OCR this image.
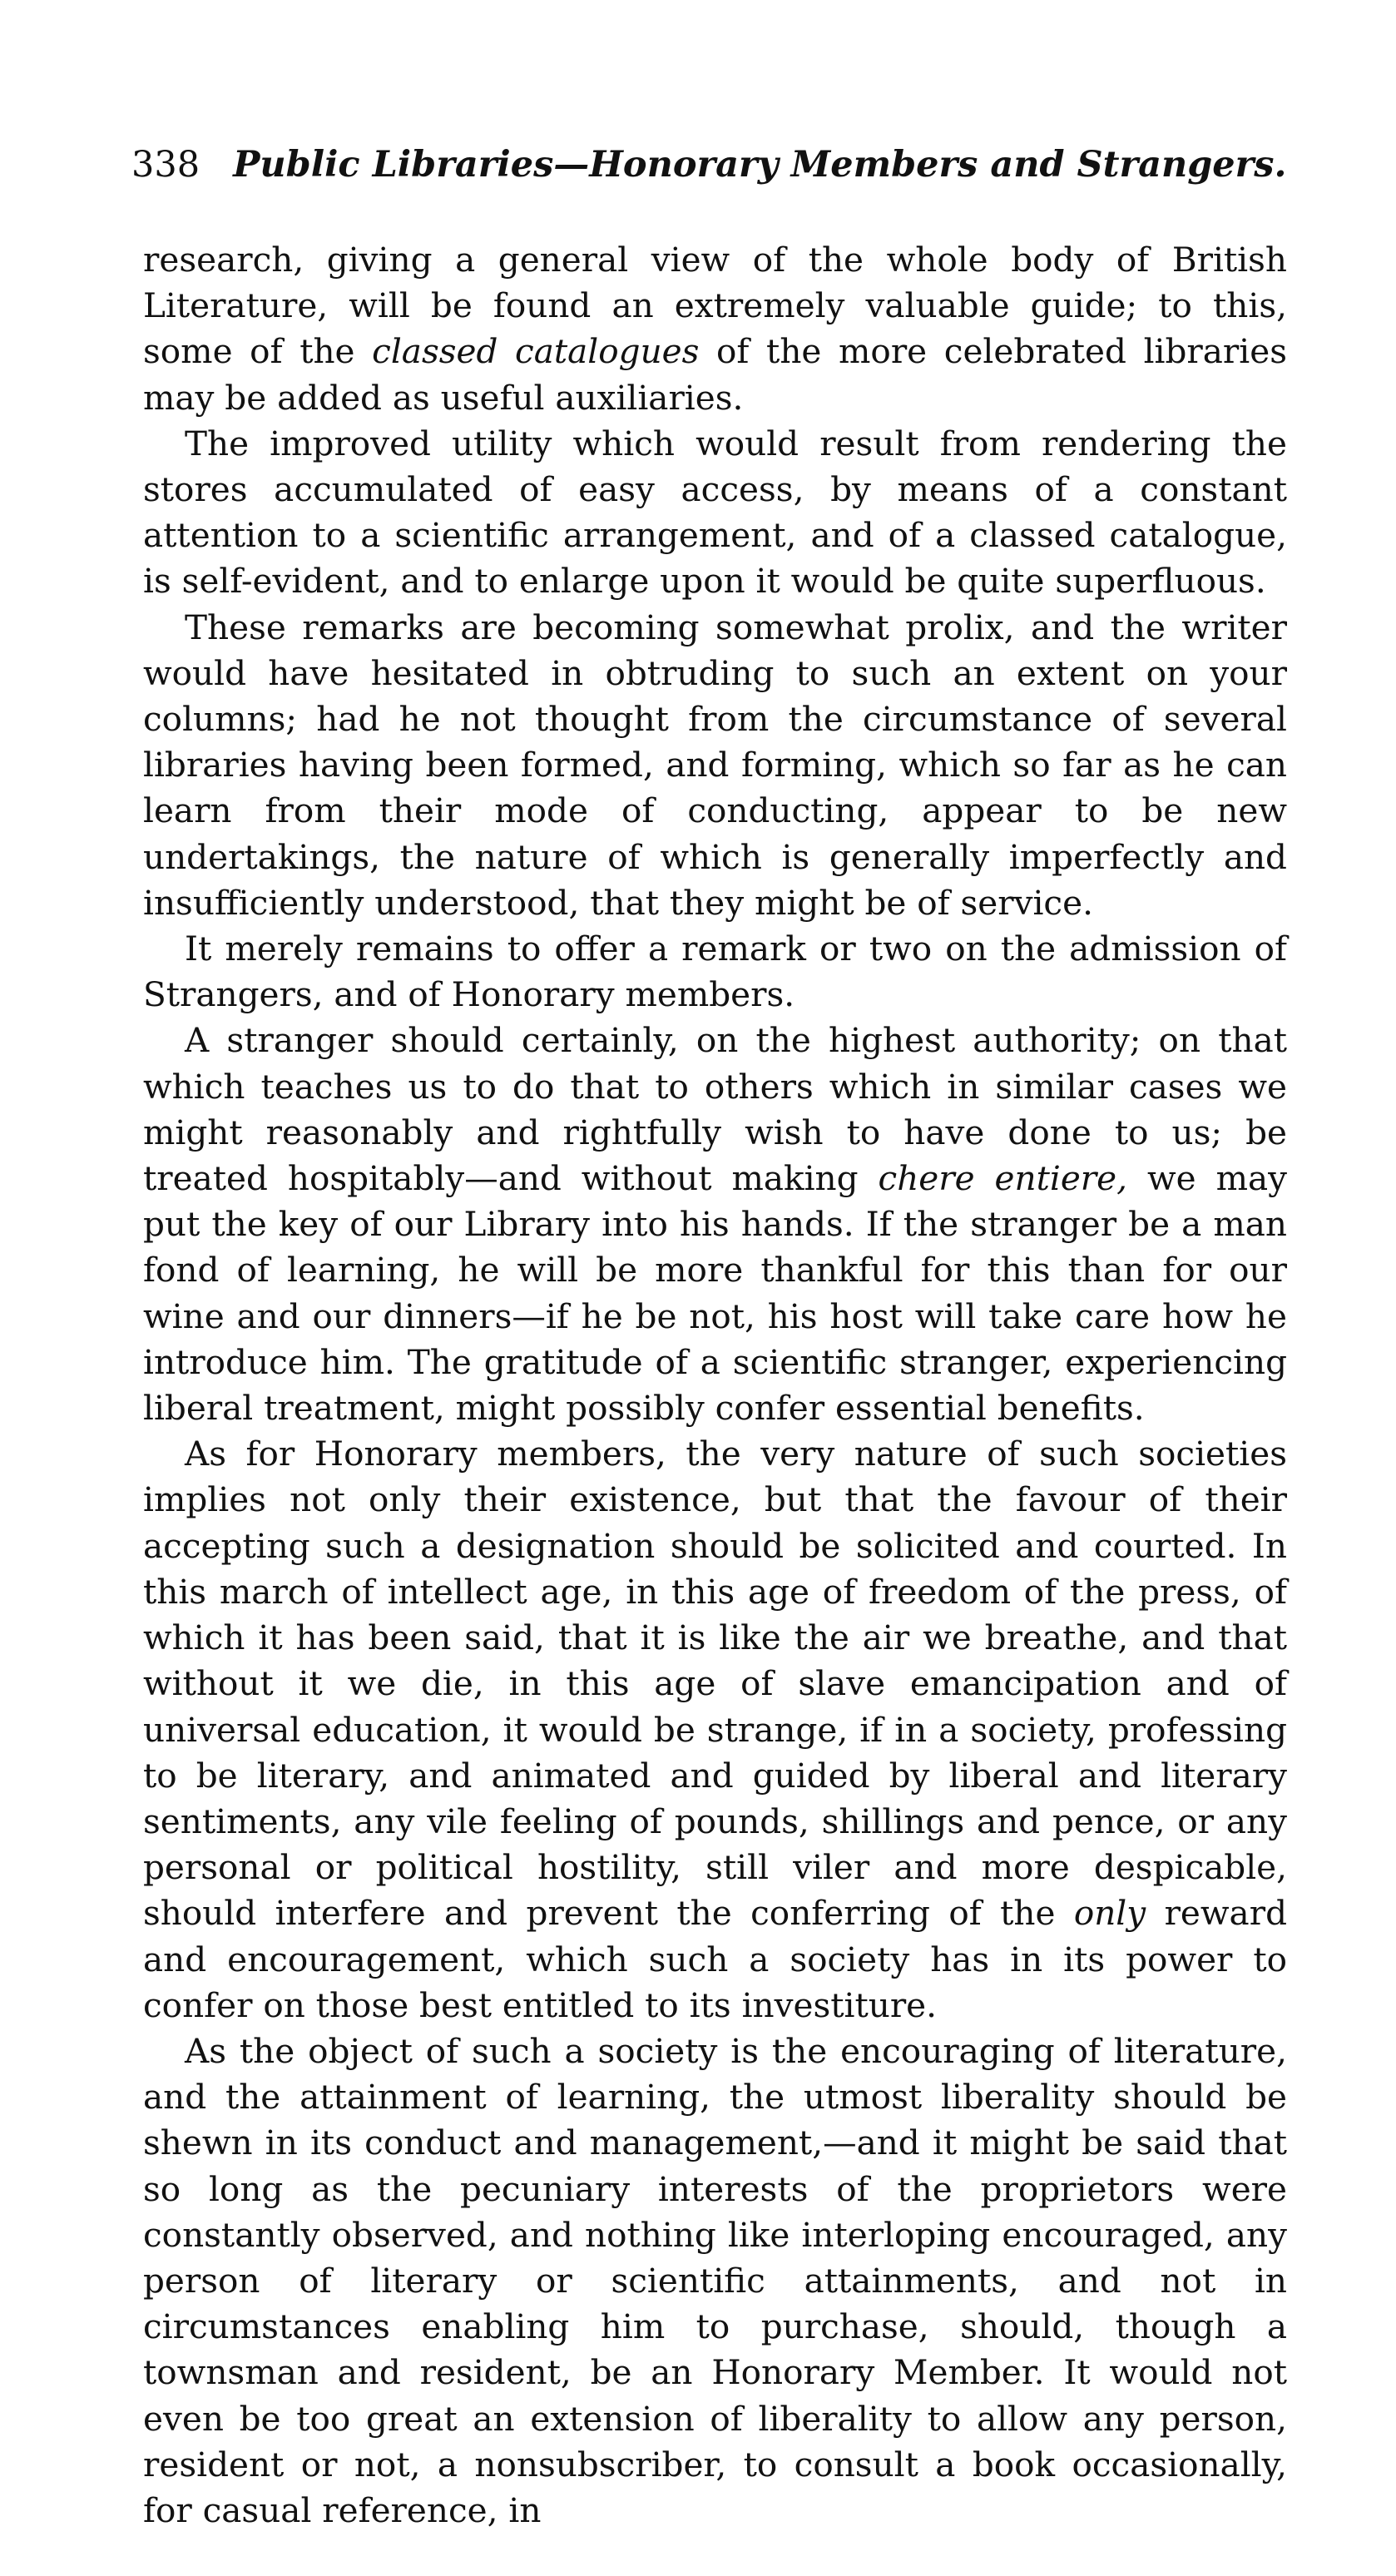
338 Public Libraries—Honorary Members and Strangers.

research, giving a general view of the whole body of British Literature, will be found an extremely valuable guide; to this, some of the classed catalogues of the more celebrated libraries may be added as useful auxiliaries.

The improved utility which would result from rendering the stores accumulated of easy access, by means of a constant attention to a scientific arrangement, and of a classed catalogue, is self-evident, and to enlarge upon it would be quite superfluous.

These remarks are becoming somewhat prolix, and the writer would have hesitated in obtruding to such an extent on your columns; had he not thought from the circumstance of several libraries having been formed, and forming, which so far as he can learn from their mode of conducting, appear to be new undertakings, the nature of which is generally imperfectly and insufficiently understood, that they might be of service.

It merely remains to offer a remark or two on the admission of Strangers, and of Honorary members.

A stranger should certainly, on the highest authority; on that which teaches us to do that to others which in similar cases we might reasonably and rightfully wish to have done to us; be treated hospitably—and without making chere entiere, we may put the key of our Library into his hands. If the stranger be a man fond of learning, he will be more thankful for this than for our wine and our dinners—if he be not, his host will take care how he introduce him. The gratitude of a scientific stranger, experiencing liberal treatment, might possibly confer essential benefits.

As for Honorary members, the very nature of such societies implies not only their existence, but that the favour of their accepting such a designation should be solicited and courted. In this march of intellect age, in this age of freedom of the press, of which it has been said, that it is like the air we breathe, and that without it we die, in this age of slave emancipation and of universal education, it would be strange, if in a society, professing to be literary, and animated and guided by liberal and literary sentiments, any vile feeling of pounds, shillings and pence, or any personal or political hostility, still viler and more despicable, should interfere and prevent the conferring of the only reward and encouragement, which such a society has in its power to confer on those best entitled to its investiture.

As the object of such a society is the encouraging of literature, and the attainment of learning, the utmost liberality should be shewn in its conduct and management,—and it might be said that so long as the pecuniary interests of the proprietors were constantly observed, and nothing like interloping encouraged, any person of literary or scientific attainments, and not in circumstances enabling him to purchase, should, though a townsman and resident, be an Honorary Member. It would not even be too great an extension of liberality to allow any person, resident or not, a nonsubscriber, to consult a book occasionally, for casual reference, in
